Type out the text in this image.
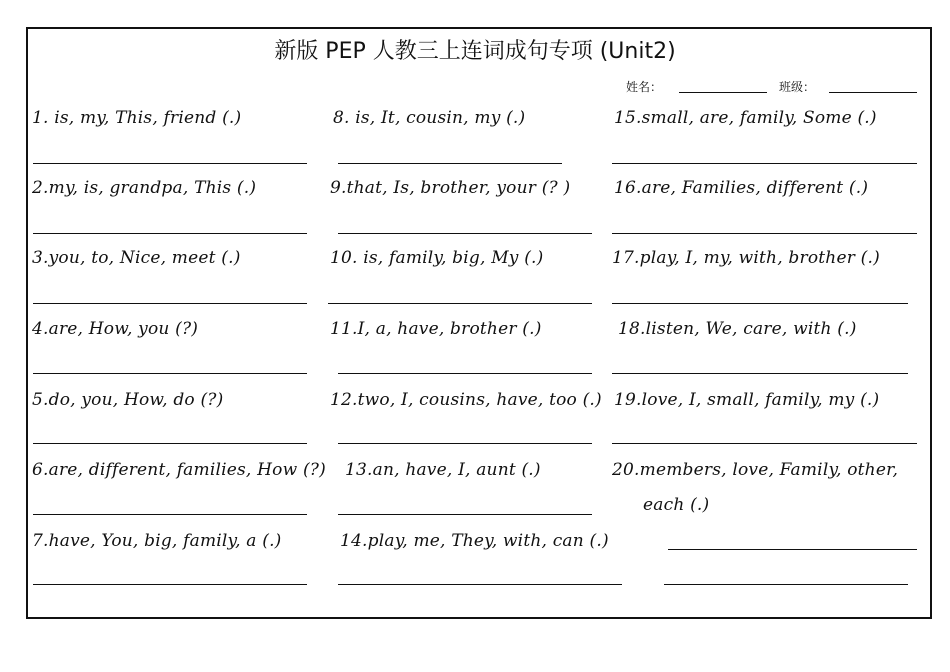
新版 PEP 人教三上连词成句专项 (Unit2)
姓名：	班级：
1. is, my, This, friend (.)
2.my, is, grandpa, This (.)
3.you, to, Nice, meet (.)
4.are, How, you (?)
5.do, you, How, do (?)
6.are, different, families, How (?)
7.have, You, big, family, a (.)
8. is, It, cousin, my (.)
9.that, Is, brother, your (? )
10. is, family, big, My (.)
11.I, a, have, brother (.)
12.two, I, cousins, have, too (.)
13.an, have, I, aunt (.)
14.play, me, They, with, can (.)
15.small, are, family, Some (.)
16.are, Families, different (.)
17.play, I, my, with, brother (.)
18.listen, We, care, with (.)
19.love, I, small, family, my (.)
20.members, love, Family, other,
each (.)
